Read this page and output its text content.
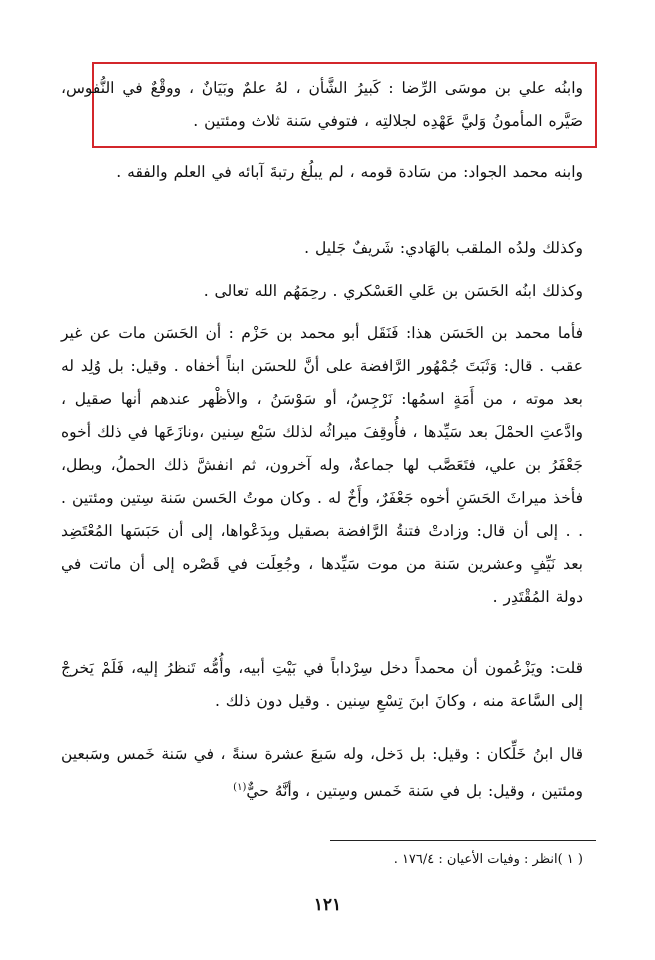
وابنُه علي بن موسَى الرِّضا : كَبيرُ الشَّأن ، لهُ علمٌ وبَيَانٌ ، ووقْعٌ في النُّفوس، صَيَّره المأمونُ وَليَّ عَهْدِه لجلالتِه ، فتوفي سَنة ثلاث ومئتين .

وابنه محمد الجواد: من سَادة قومه ، لم يبلُغ رتبةَ آبائه في العلم والفقه .

وكذلك ولدُه الملقب بالهَادي: شَريفٌ جَليل .

وكذلك ابنُه الحَسَن بن عَلي العَسْكري . رحِمَهُم الله تعالى .

فأما محمد بن الحَسَن هذا: فَنَقَل أبو محمد بن حَزْم : أن الحَسَن مات عن غير عقب . قال: وَثَبَتَ جُمْهُور الرَّافضة على أنَّ للحسَن ابناً أخفاه . وقيل: بل وُلِد له بعد موته ، من أَمَةٍ اسمُها: نَرْجِسُ، أو سَوْسَنُ ، والأظْهر عندهم أنها صقيل ، وادَّعتِ الحمْلَ بعد سَيِّدها ، فأُوقِفَ ميراثُه لذلك سَبْع سِنين ،ونازَعَها في ذلك أخوه جَعْفَرُ بن علي، فتَعَصَّب لها جماعةٌ، وله آخرون، ثم انفشَّ ذلك الحملُ، وبطل، فأخذ ميراثَ الحَسَنِ أخوه جَعْفَرٌ، وأَخٌ له . وكان موتُ الحَسن سَنة سِتين ومئتين . . . إلى أن قال: وزادتْ فتنةُ الرَّافضة بصقيل وبِدَعْواها، إلى أن حَبَسَها المُعْتَضِد بعد نَيِّفٍ وعشرين سَنة من موت سَيِّدها ، وجُعِلَت في قَصْره إلى أن ماتت في دولة المُقْتَدِر .

قلت: ويَزْعُمون أن محمداً دخل سِرْداباً في بَيْتِ أبيه، وأُمُّه تَنظرُ إليه، فَلَمْ يَخرجْ إلى السَّاعة منه ، وكانَ ابنَ تِسْعِ سِنين . وقيل دون ذلك .

قال ابنُ خَلِّكان : وقيل: بل دَخل، وله سَبعَ عشرة سنةً ، في سَنة خَمس وسَبعين ومئتين ، وقيل: بل في سَنة خَمس وسِتين ، وأنَّهُ حيٌّ$^{(١)}$

( ١ )انظر : وفيات الأعيان : ١٧٦/٤ .

١٢١
